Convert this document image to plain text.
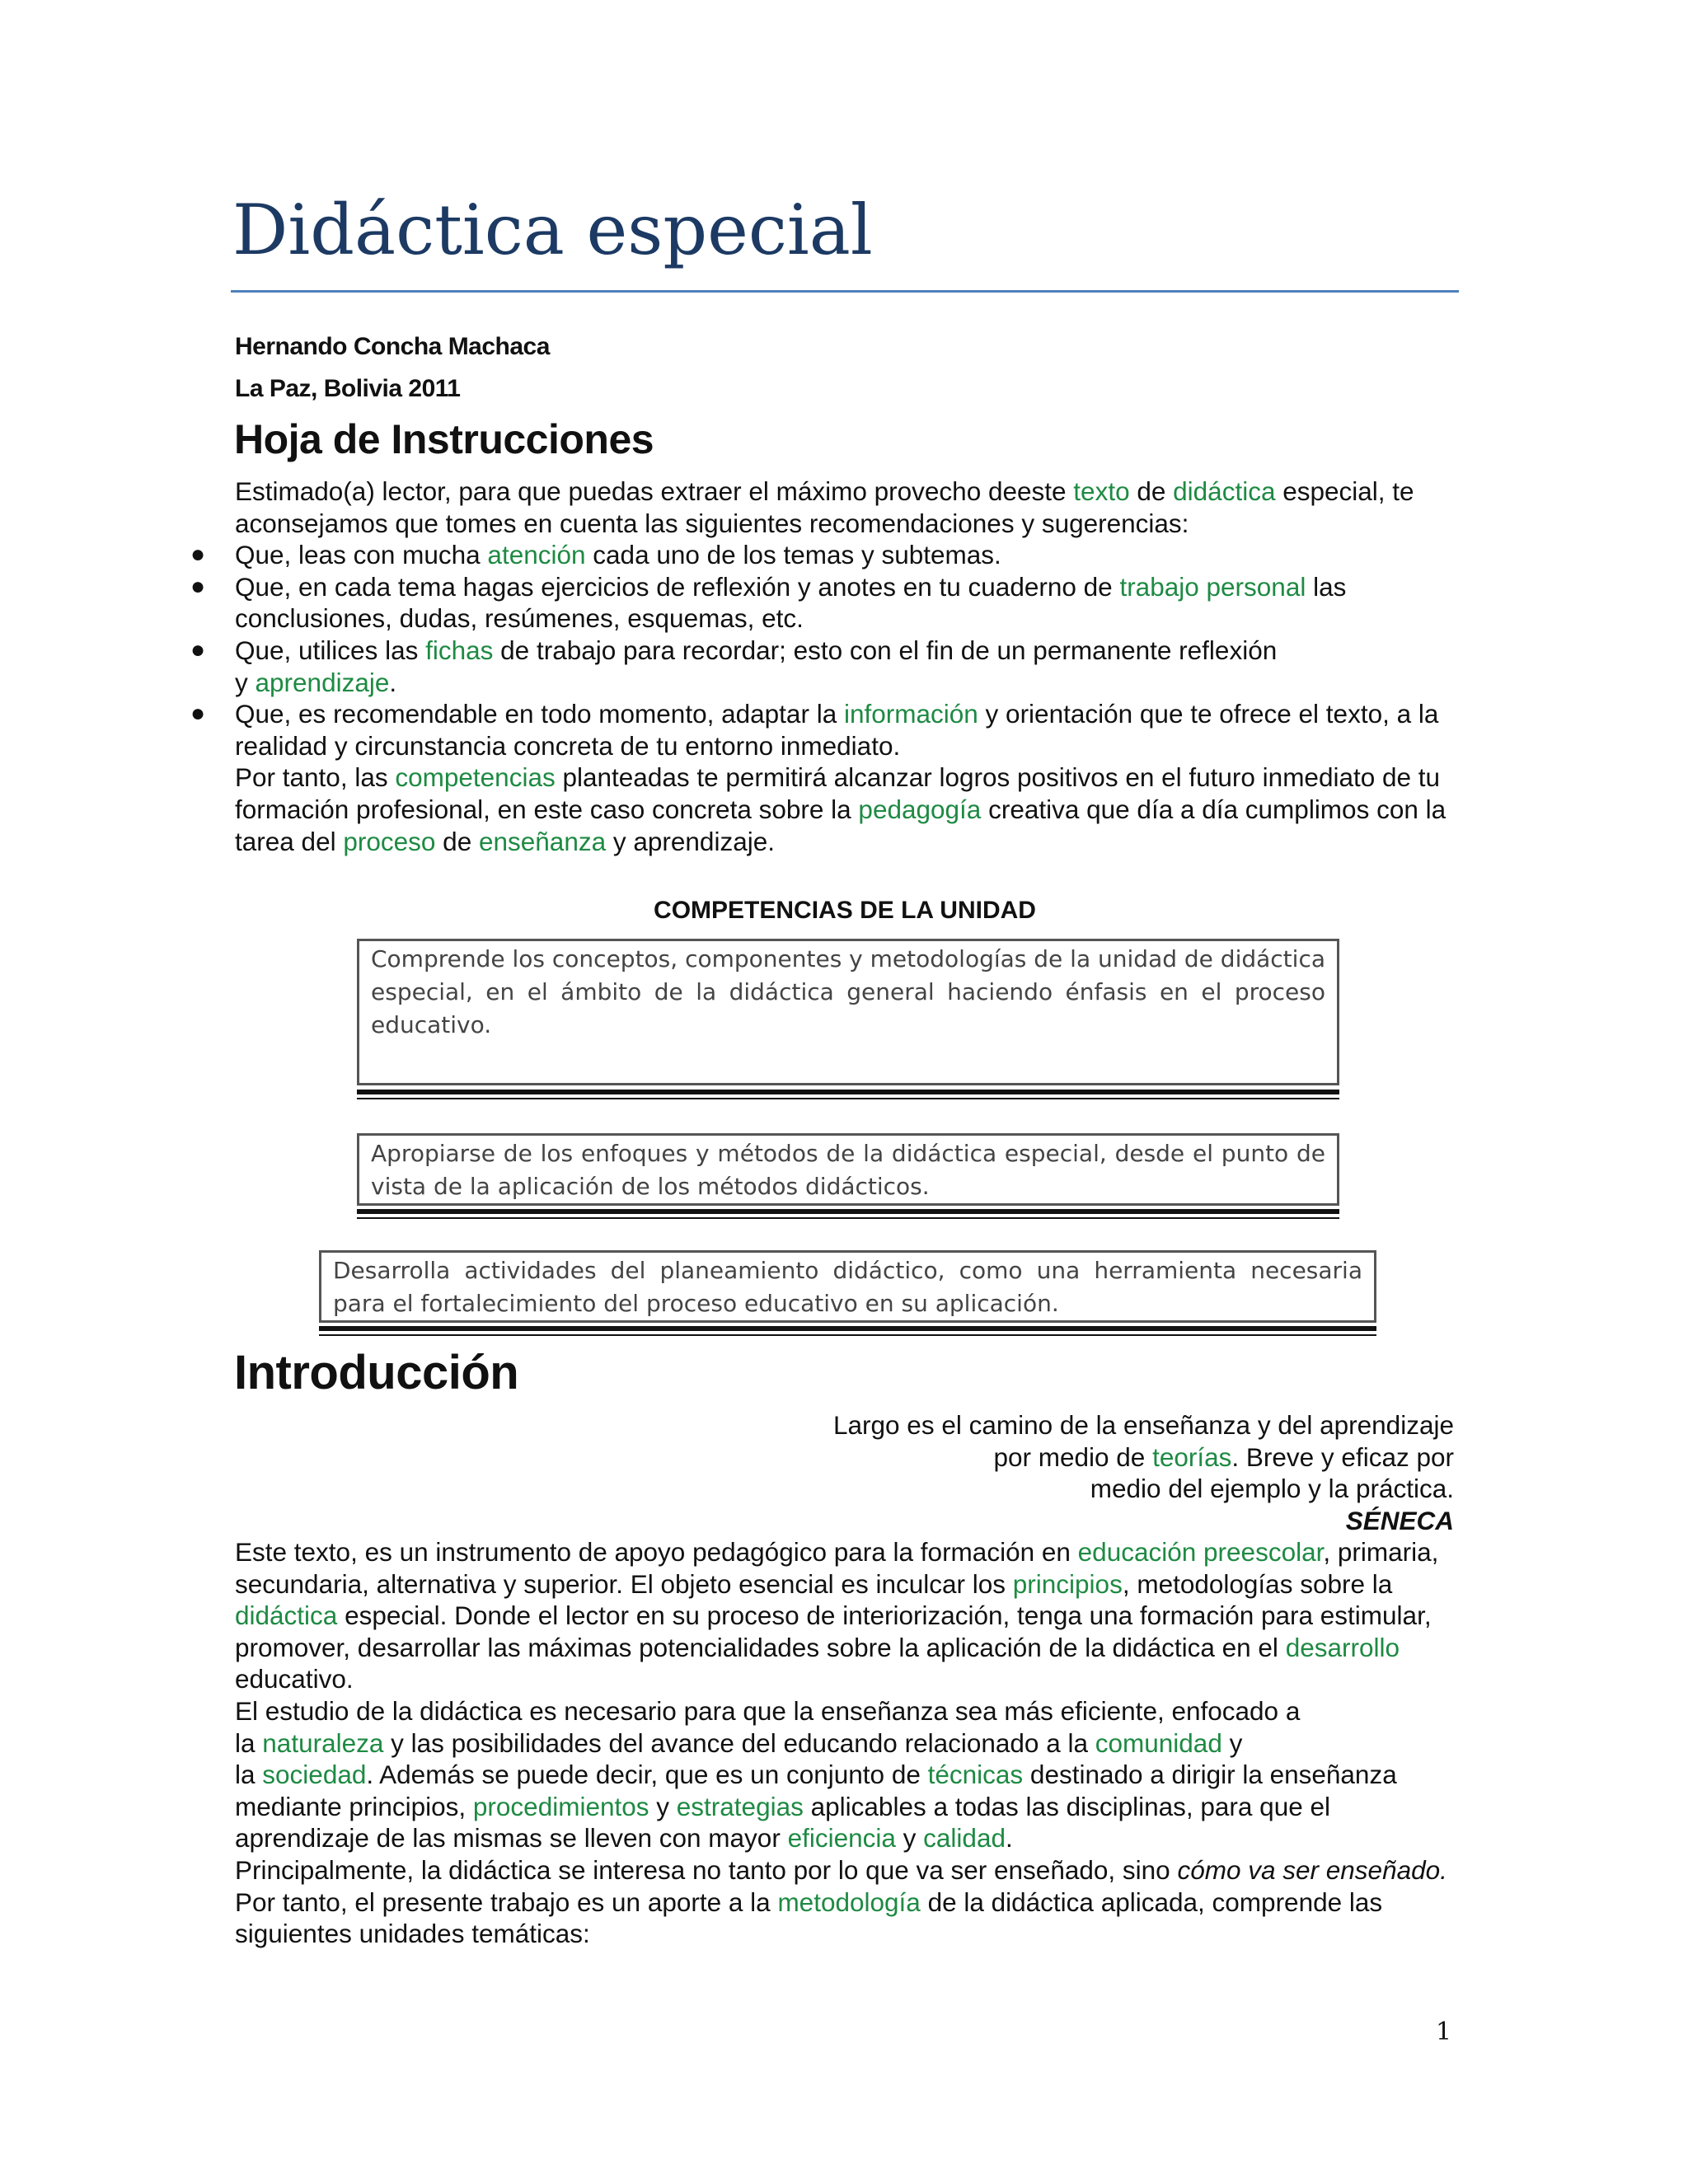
Didáctica especial
Hernando Concha Machaca
La Paz, Bolivia 2011
Hoja de Instrucciones

Estimado(a) lector, para que puedas extraer el máximo provecho deeste texto de didáctica especial, te aconsejamos que tomes en cuenta las siguientes recomendaciones y sugerencias:

● Que, leas con mucha atención cada uno de los temas y subtemas.
● Que, en cada tema hagas ejercicios de reflexión y anotes en tu cuaderno de trabajo personal las conclusiones, dudas, resúmenes, esquemas, etc.
● Que, utilices las fichas de trabajo para recordar; esto con el fin de un permanente reflexión
y aprendizaje.
● Que, es recomendable en todo momento, adaptar la información y orientación que te ofrece el texto, a la realidad y circunstancia concreta de tu entorno inmediato.

Por tanto, las competencias planteadas te permitirá alcanzar logros positivos en el futuro inmediato de tu formación profesional, en este caso concreta sobre la pedagogía creativa que día a día cumplimos con la tarea del proceso de enseñanza y aprendizaje.

COMPETENCIAS DE LA UNIDAD
Comprende los conceptos, componentes y metodologías de la unidad de didáctica especial, en el ámbito de la didáctica general haciendo énfasis en el proceso educativo.
Apropiarse de los enfoques y métodos de la didáctica especial, desde el punto de vista de la aplicación de los métodos didácticos.
Desarrolla actividades del planeamiento didáctico, como una herramienta necesaria para el fortalecimiento del proceso educativo en su aplicación.
Introducción

Largo es el camino de la enseñanza y del aprendizaje

por medio de teorías. Breve y eficaz por

medio del ejemplo y la práctica.

SÉNECA

Este texto, es un instrumento de apoyo pedagógico para la formación en educación preescolar, primaria, secundaria, alternativa y superior. El objeto esencial es inculcar los principios, metodologías sobre la didáctica especial. Donde el lector en su proceso de interiorización, tenga una formación para estimular, promover, desarrollar las máximas potencialidades sobre la aplicación de la didáctica en el desarrollo educativo.

El estudio de la didáctica es necesario para que la enseñanza sea más eficiente, enfocado a
la naturaleza y las posibilidades del avance del educando relacionado a la comunidad y
la sociedad. Además se puede decir, que es un conjunto de técnicas destinado a dirigir la enseñanza mediante principios, procedimientos y estrategias aplicables a todas las disciplinas, para que el aprendizaje de las mismas se lleven con mayor eficiencia y calidad.

Principalmente, la didáctica se interesa no tanto por lo que va ser enseñado, sino cómo va ser enseñado.

Por tanto, el presente trabajo es un aporte a la metodología de la didáctica aplicada, comprende las siguientes unidades temáticas:

1
